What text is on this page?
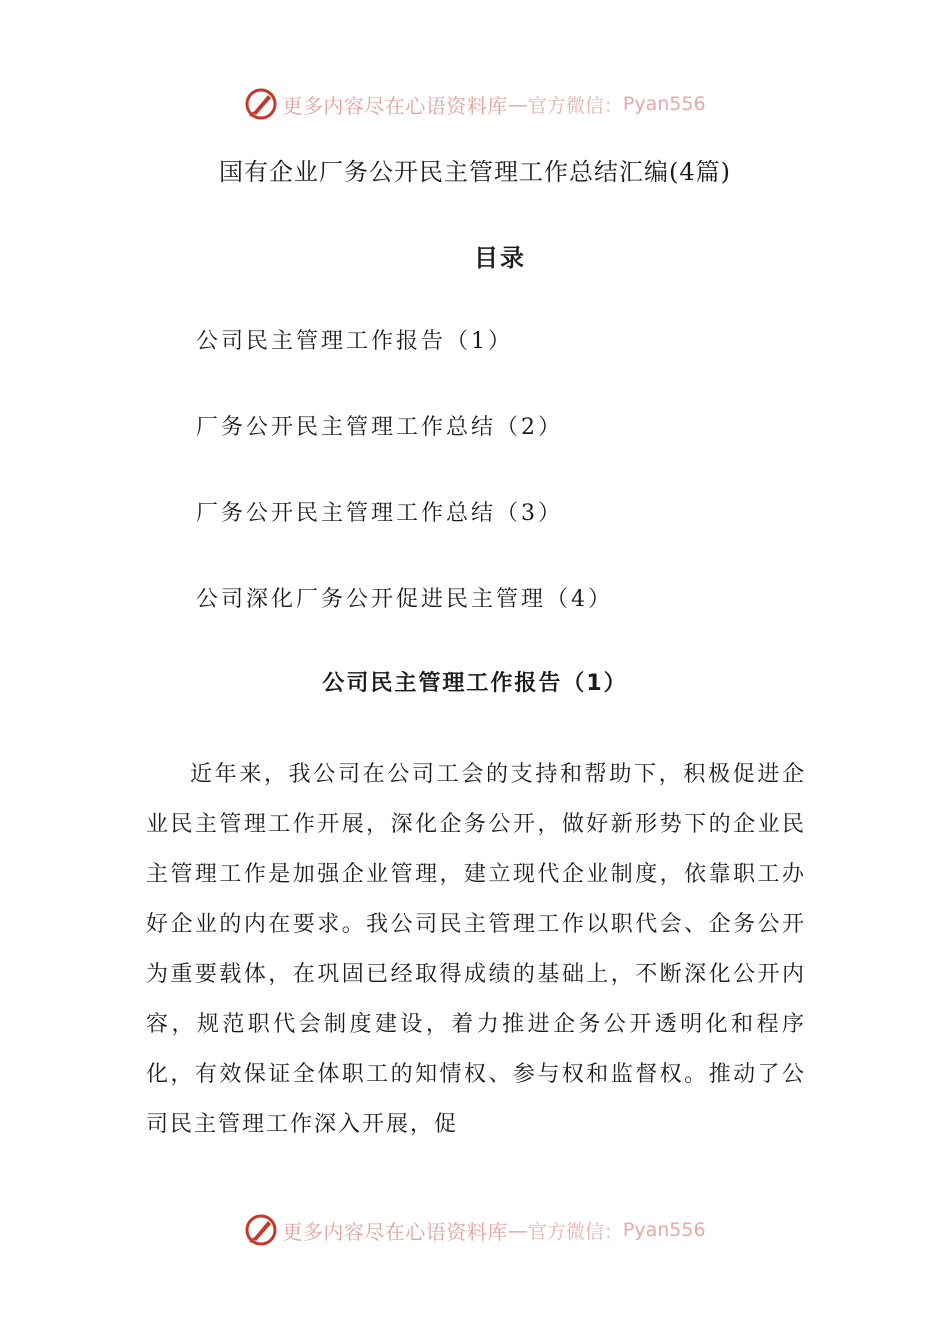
更多内容尽在心语资料库 — 官方微信： Pyan556
国有企业厂务公开民主管理工作总结汇编(4篇)
目录
公司民主管理工作报告（1）
厂务公开民主管理工作总结（2）
厂务公开民主管理工作总结（3）
公司深化厂务公开促进民主管理（4）
公司民主管理工作报告（1）

近年来，我公司在公司工会的支持和帮助下，积极促进企业民主管理工作开展，深化企务公开，做好新形势下的企业民主管理工作是加强企业管理，建立现代企业制度，依靠职工办好企业的内在要求。我公司民主管理工作以职代会、企务公开为重要载体，在巩固已经取得成绩的基础上，不断深化公开内容，规范职代会制度建设，着力推进企务公开透明化和程序化，有效保证全体职工的知情权、参与权和监督权。推动了公司民主管理工作深入开展，促

更多内容尽在心语资料库 — 官方微信： Pyan556
